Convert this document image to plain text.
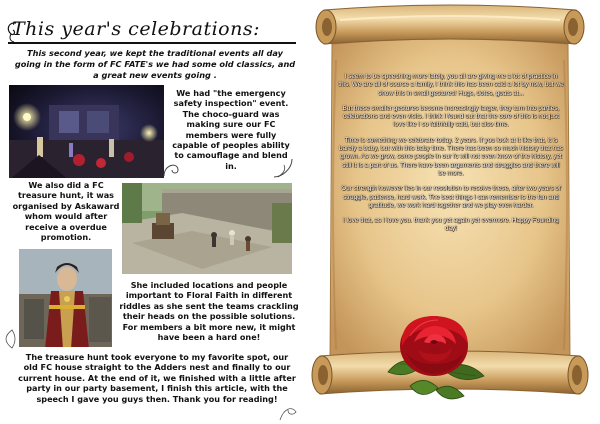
This year's celebrations:
This second year, we kept the traditional events all day going in the form of FC FATE's we had some old classics, and a great new events going .
We had "the emergency safety inspection" event. The choco-guard was making sure our FC members were fully capable of peoples ability to camouflage and blend in.
We also did a FC treasure hunt, it was organised by Askaward whom would after receive a overdue promotion.
She included locations and people important to Floral Faith in different riddles as she sent the teams crackling their heads on the possible solutions. For members a bit more new, it might have been a hard one!
The treasure hunt took everyone to my favorite spot, our old FC house straight to the Adders nest and finally to our current house. At the end of it, we finished with a little after party in our party basement, I finish this article, with the speech I gave you guys then. Thank you for reading!

I seem to be speeching more lately, you all are giving me a lot of practice in this. We are all of course a family, I think this has been said a lot by now, but we show this in small gestures! Hugs, dotes, goats at...

But these smaller gestures become increasingly larger, they turn into parties, celebrations and even visits. I think I found out that the core of this is not just love like I so faithfully said, but also time.

Time is something we celebrate today. 2 years. If you look at it like that, it is barely a baby, but with this baby time. There has been so much history that has grown. As we grow, some people in our fc will not even know of the history, yet still it is a part of us. There have been arguments and struggles and there will be more.

Our strength however lies in our resolution to resolve these, after two years of struggle, patience, hard work. The best things I can remember is the fun and gratitude, we work hard together and we play even harder.

I love that, as I love you. thank you yet again yet evermore. Happy Founding day!
